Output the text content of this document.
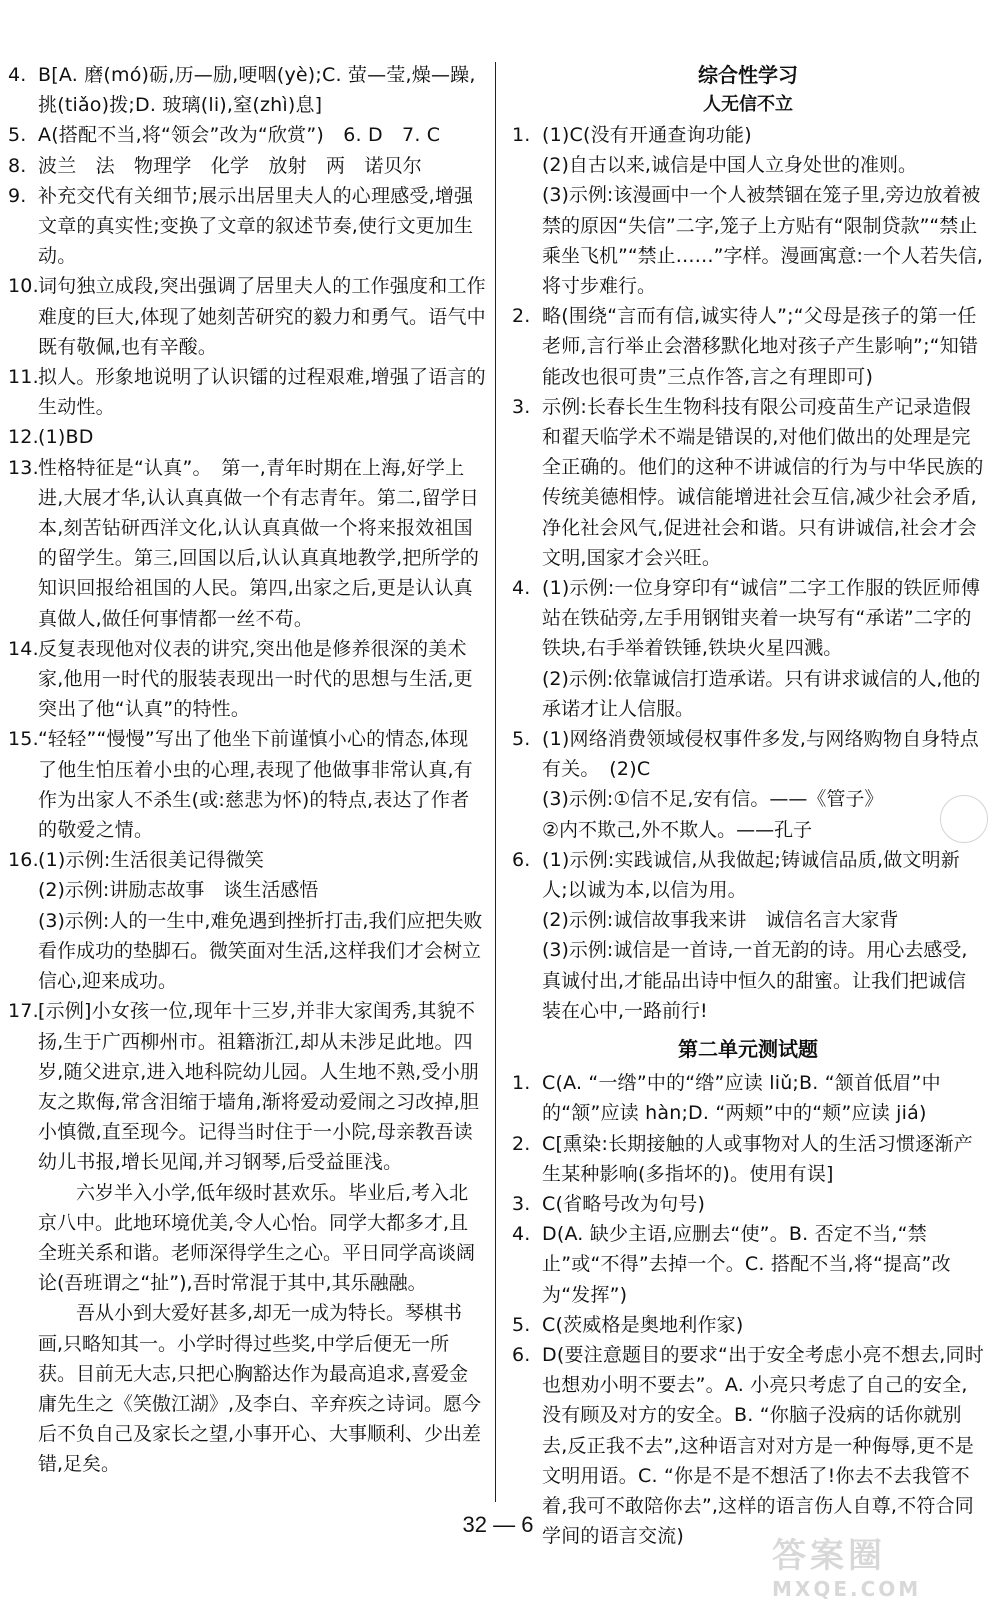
4. B[A. 磨(mó)砺,历—励,哽咽(yè);C. 萤—莹,燥—躁,挑(tiǎo)拨;D. 玻璃(li),窒(zhì)息]

5. A(搭配不当,将“领会”改为“欣赏”)　6. D　7. C

8. 波兰　法　物理学　化学　放射　两　诺贝尔

9. 补充交代有关细节;展示出居里夫人的心理感受,增强文章的真实性;变换了文章的叙述节奏,使行文更加生动。

10.词句独立成段,突出强调了居里夫人的工作强度和工作难度的巨大,体现了她刻苦研究的毅力和勇气。语气中既有敬佩,也有辛酸。

11.拟人。形象地说明了认识镭的过程艰难,增强了语言的生动性。

12.(1)BD

13.性格特征是“认真”。　第一,青年时期在上海,好学上进,大展才华,认认真真做一个有志青年。第二,留学日本,刻苦钻研西洋文化,认认真真做一个将来报效祖国的留学生。第三,回国以后,认认真真地教学,把所学的知识回报给祖国的人民。第四,出家之后,更是认认真真做人,做任何事情都一丝不苟。

14.反复表现他对仪表的讲究,突出他是修养很深的美术家,他用一时代的服装表现出一时代的思想与生活,更突出了他“认真”的特性。

15.“轻轻”“慢慢”写出了他坐下前谨慎小心的情态,体现了他生怕压着小虫的心理,表现了他做事非常认真,有作为出家人不杀生(或:慈悲为怀)的特点,表达了作者的敬爱之情。

16.(1)示例:生活很美记得微笑

(2)示例:讲励志故事　谈生活感悟

(3)示例:人的一生中,难免遇到挫折打击,我们应把失败看作成功的垫脚石。微笑面对生活,这样我们才会树立信心,迎来成功。

17.[示例]小女孩一位,现年十三岁,并非大家闺秀,其貌不扬,生于广西柳州市。祖籍浙江,却从未涉足此地。四岁,随父进京,进入地科院幼儿园。人生地不熟,受小朋友之欺侮,常含泪缩于墙角,渐将爱动爱闹之习改掉,胆小慎微,直至现今。记得当时住于一小院,母亲教吾读幼儿书报,增长见闻,并习钢琴,后受益匪浅。

六岁半入小学,低年级时甚欢乐。毕业后,考入北京八中。此地环境优美,令人心怡。同学大都多才,且全班关系和谐。老师深得学生之心。平日同学高谈阔论(吾班谓之“扯”),吾时常混于其中,其乐融融。

吾从小到大爱好甚多,却无一成为特长。琴棋书画,只略知其一。小学时得过些奖,中学后便无一所获。目前无大志,只把心胸豁达作为最高追求,喜爱金庸先生之《笑傲江湖》,及李白、辛弃疾之诗词。愿今后不负自己及家长之望,小事开心、大事顺利、少出差错,足矣。

综合性学习

人无信不立

1. (1)C(没有开通查询功能)

(2)自古以来,诚信是中国人立身处世的准则。

(3)示例:该漫画中一个人被禁锢在笼子里,旁边放着被禁的原因“失信”二字,笼子上方贴有“限制贷款”“禁止乘坐飞机”“禁止……”字样。漫画寓意:一个人若失信,将寸步难行。

2. 略(围绕“言而有信,诚实待人”;“父母是孩子的第一任老师,言行举止会潜移默化地对孩子产生影响”;“知错能改也很可贵”三点作答,言之有理即可)

3. 示例:长春长生生物科技有限公司疫苗生产记录造假和翟天临学术不端是错误的,对他们做出的处理是完全正确的。他们的这种不讲诚信的行为与中华民族的传统美德相悖。诚信能增进社会互信,减少社会矛盾,净化社会风气,促进社会和谐。只有讲诚信,社会才会文明,国家才会兴旺。

4. (1)示例:一位身穿印有“诚信”二字工作服的铁匠师傅站在铁砧旁,左手用钢钳夹着一块写有“承诺”二字的铁块,右手举着铁锤,铁块火星四溅。

(2)示例:依靠诚信打造承诺。只有讲求诚信的人,他的承诺才让人信服。

5. (1)网络消费领域侵权事件多发,与网络购物自身特点有关。　(2)C

(3)示例:①信不足,安有信。——《管子》

②内不欺己,外不欺人。——孔子

6. (1)示例:实践诚信,从我做起;铸诚信品质,做文明新人;以诚为本,以信为用。

(2)示例:诚信故事我来讲　诚信名言大家背

(3)示例:诚信是一首诗,一首无韵的诗。用心去感受,真诚付出,才能品出诗中恒久的甜蜜。让我们把诚信装在心中,一路前行!

第二单元测试题

1. C(A. “一绺”中的“绺”应读 liǔ;B. “颔首低眉”中的“颔”应读 hàn;D. “两颊”中的“颊”应读 jiá)

2. C[熏染:长期接触的人或事物对人的生活习惯逐渐产生某种影响(多指坏的)。使用有误]

3. C(省略号改为句号)

4. D(A. 缺少主语,应删去“使”。B. 否定不当,“禁止”或“不得”去掉一个。C. 搭配不当,将“提高”改为“发挥”)

5. C(茨威格是奥地利作家)

6. D(要注意题目的要求“出于安全考虑小亮不想去,同时也想劝小明不要去”。A. 小亮只考虑了自己的安全,没有顾及对方的安全。B. “你脑子没病的话你就别去,反正我不去”,这种语言对对方是一种侮辱,更不是文明用语。C. “你是不是不想活了!你去不去我管不着,我可不敢陪你去”,这样的语言伤人自尊,不符合同学间的语言交流)

32 — 6
答案圈
MXQE.COM
